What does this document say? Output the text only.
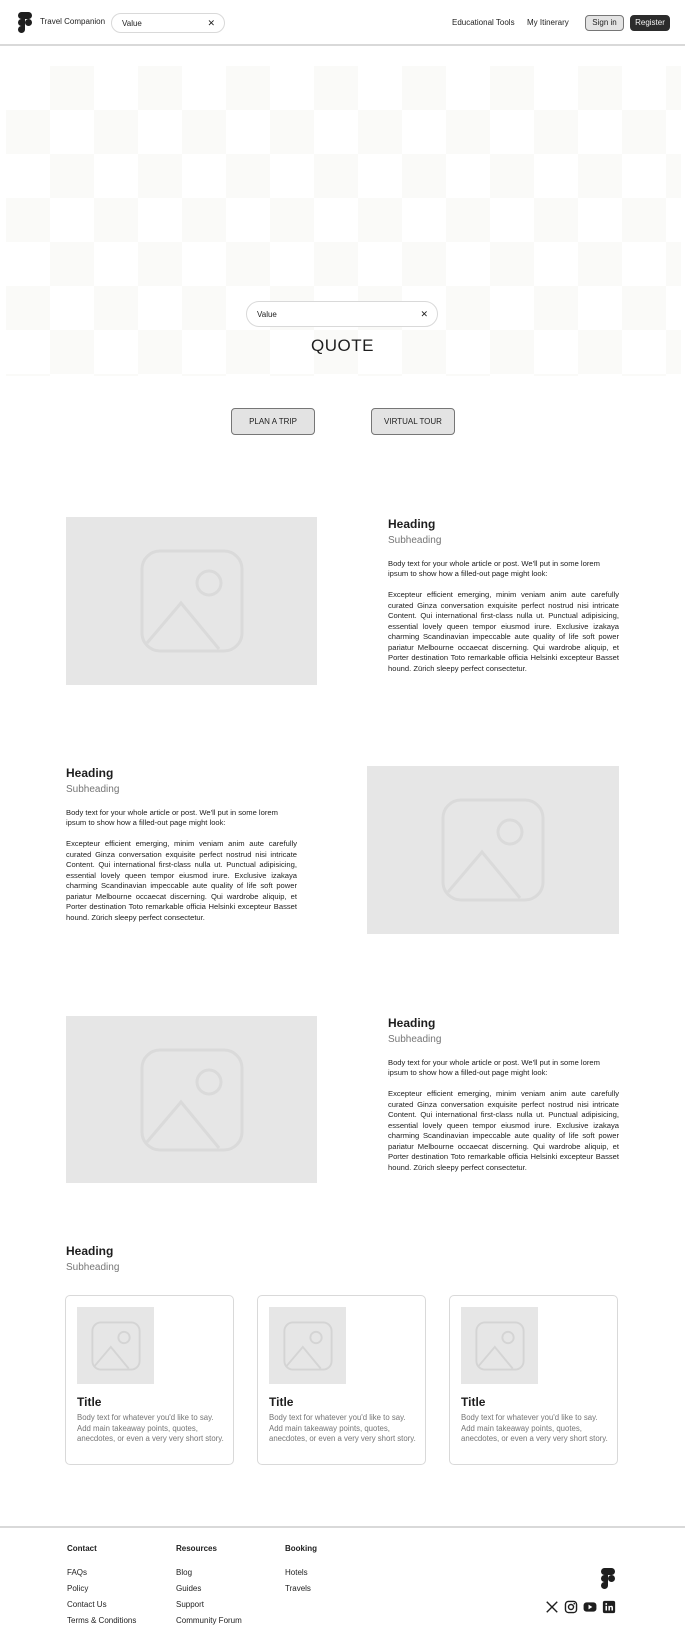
Travel Companion Value	✕	Educational Tools My Itinerary	Sign in	Register
Value	✕
QUOTE
PLAN A TRIP	VIRTUAL TOUR
Heading
Subheading
Body text for your whole article or post. We'll put in some lorem ipsum to show how a filled-out page might look:
Excepteur efficient emerging, minim veniam anim aute carefully curated Ginza conversation exquisite perfect nostrud nisi intricate Content. Qui international first-class nulla ut. Punctual adipisicing, essential lovely queen tempor eiusmod irure. Exclusive izakaya charming Scandinavian impeccable aute quality of life soft power pariatur Melbourne occaecat discerning. Qui wardrobe aliquip, et Porter destination Toto remarkable officia Helsinki excepteur Basset hound. Zürich sleepy perfect consectetur.
Heading
Subheading
Body text for your whole article or post. We'll put in some lorem ipsum to show how a filled-out page might look:
Excepteur efficient emerging, minim veniam anim aute carefully curated Ginza conversation exquisite perfect nostrud nisi intricate Content. Qui international first-class nulla ut. Punctual adipisicing, essential lovely queen tempor eiusmod irure. Exclusive izakaya charming Scandinavian impeccable aute quality of life soft power pariatur Melbourne occaecat discerning. Qui wardrobe aliquip, et Porter destination Toto remarkable officia Helsinki excepteur Basset hound. Zürich sleepy perfect consectetur.
Heading
Subheading
Body text for your whole article or post. We'll put in some lorem ipsum to show how a filled-out page might look:
Excepteur efficient emerging, minim veniam anim aute carefully curated Ginza conversation exquisite perfect nostrud nisi intricate Content. Qui international first-class nulla ut. Punctual adipisicing, essential lovely queen tempor eiusmod irure. Exclusive izakaya charming Scandinavian impeccable aute quality of life soft power pariatur Melbourne occaecat discerning. Qui wardrobe aliquip, et Porter destination Toto remarkable officia Helsinki excepteur Basset hound. Zürich sleepy perfect consectetur.
Heading
Subheading
Title
Body text for whatever you'd like to say. Add main takeaway points, quotes, anecdotes, or even a very very short story.
Title
Body text for whatever you'd like to say. Add main takeaway points, quotes, anecdotes, or even a very very short story.
Title
Body text for whatever you'd like to say. Add main takeaway points, quotes, anecdotes, or even a very very short story.
Contact
FAQs
Policy
Contact Us
Terms & Conditions
Resources
Blog
Guides
Support
Community Forum
Booking
Hotels
Travels
